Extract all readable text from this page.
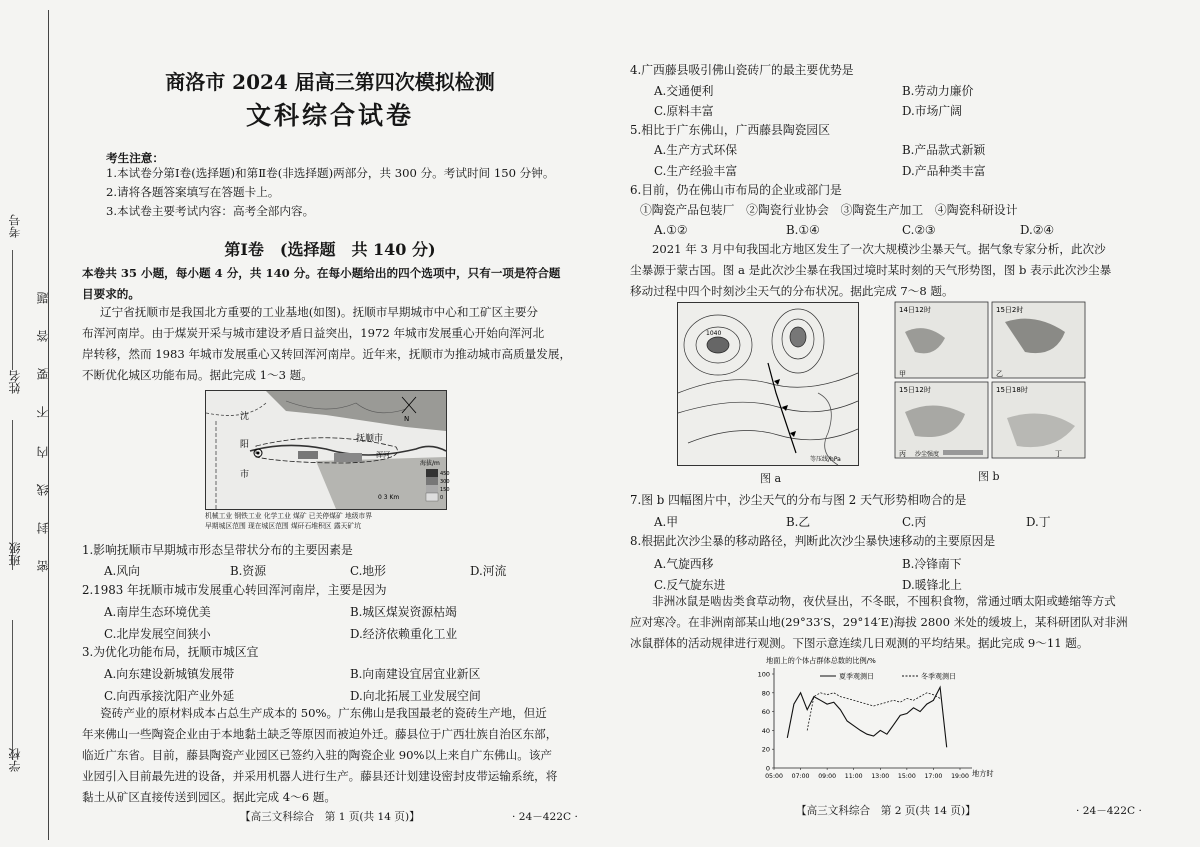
考号
姓名
班级
学校
题
答
要
不
内
线
封
密
商洛市 2024 届高三第四次模拟检测
文科综合试卷
考生注意：
1.本试卷分第Ⅰ卷(选择题)和第Ⅱ卷(非选择题)两部分，共 300 分。考试时间 150 分钟。
2.请将各题答案填写在答题卡上。
3.本试卷主要考试内容：高考全部内容。
第Ⅰ卷　(选择题　共 140 分)
本卷共 35 小题，每小题 4 分，共 140 分。在每小题给出的四个选项中，只有一项是符合题
目要求的。
辽宁省抚顺市是我国北方重要的工业基地(如图)。抚顺市早期城市中心和工矿区主要分
布浑河南岸。由于煤炭开采与城市建设矛盾日益突出，1972 年城市发展重心开始向浑河北
岸转移，然而 1983 年城市发展重心又转回浑河南岸。近年来，抚顺市为推动城市高质量发展，
不断优化城区功能布局。据此完成 1～3 题。
沈
阳
市
抚顺市
浑河
N
海拔/m
450
300
150
0
0 3 Km
机械工业 钢铁工业 化学工业 煤矿 已关停煤矿 地级市界
早期城区范围 现在城区范围 煤矸石堆积区 露天矿坑
1.影响抚顺市早期城市形态呈带状分布的主要因素是
A.风向	B.资源	C.地形	D.河流
2.1983 年抚顺市城市发展重心转回浑河南岸，主要是因为
A.南岸生态环境优美	B.城区煤炭资源枯竭
C.北岸发展空间狭小	D.经济依赖重化工业
3.为优化功能布局，抚顺市城区宜
A.向东建设新城镇发展带	B.向南建设宜居宜业新区
C.向西承接沈阳产业外延	D.向北拓展工业发展空间
瓷砖产业的原材料成本占总生产成本的 50%。广东佛山是我国最老的瓷砖生产地，但近
年来佛山一些陶瓷企业由于本地黏土缺乏等原因而被迫外迁。藤县位于广西壮族自治区东部，
临近广东省。目前，藤县陶瓷产业园区已签约入驻的陶瓷企业 90%以上来自广东佛山。该产
业园引入目前最先进的设备，并采用机器人进行生产。藤县还计划建设密封皮带运输系统，将
黏土从矿区直接传送到园区。据此完成 4～6 题。
【高三文科综合　第 1 页(共 14 页)】	· 24－422C ·
4.广西藤县吸引佛山瓷砖厂的最主要优势是
A.交通便利	B.劳动力廉价
C.原料丰富	D.市场广阔
5.相比于广东佛山，广西藤县陶瓷园区
A.生产方式环保	B.产品款式新颖
C.生产经验丰富	D.产品种类丰富
6.目前，仍在佛山市布局的企业或部门是
①陶瓷产品包装厂　②陶瓷行业协会　③陶瓷生产加工　④陶瓷科研设计
A.①②	B.①④	C.②③	D.②④
2021 年 3 月中旬我国北方地区发生了一次大规模沙尘暴天气。据气象专家分析，此次沙
尘暴源于蒙古国。图 a 是此次沙尘暴在我国过境时某时刻的天气形势图，图 b 表示此次沙尘暴
移动过程中四个时刻沙尘天气的分布状况。据此完成 7～8 题。
1040
等压线/hPa
图 a
14日12时	15日2时
15日12时	15日18时
甲	乙
丙	丁
沙尘强度
图 b
7.图 b 四幅图片中，沙尘天气的分布与图 2 天气形势相吻合的是
A.甲	B.乙	C.丙	D.丁
8.根据此次沙尘暴的移动路径，判断此次沙尘暴快速移动的主要原因是
A.气旋西移	B.冷锋南下
C.反气旋东进	D.暖锋北上
非洲冰鼠是啮齿类食草动物，夜伏昼出，不冬眠，不囤积食物，常通过晒太阳或蜷缩等方式
应对寒冷。在非洲南部某山地(29°33′S，29°14′E)海拔 2800 米处的缓坡上，某科研团队对非洲
冰鼠群体的活动规律进行观测。下图示意连续几日观测的平均结果。据此完成 9～11 题。
地面上的个体占群体总数的比例/%
0
20
40
60
80
100
05:00 07:00 09:00 11:00 13:00 15:00 17:00 19:00
夏季观测日	冬季观测日
地方时
【高三文科综合　第 2 页(共 14 页)】	· 24－422C ·
